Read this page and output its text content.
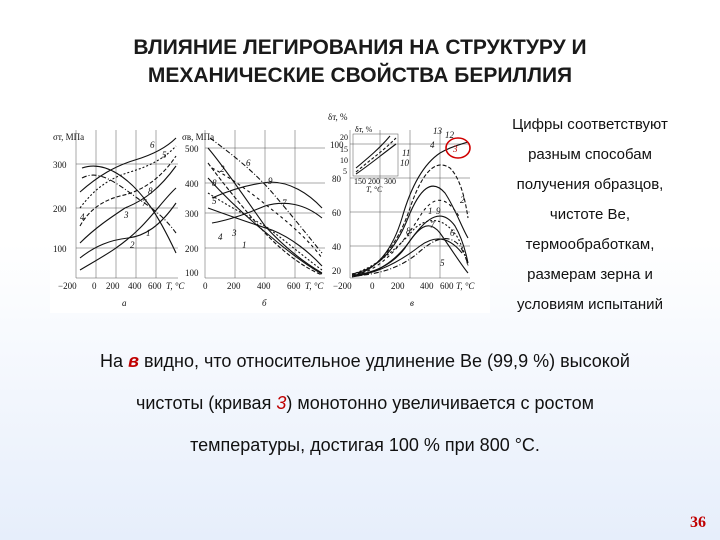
ВЛИЯНИЕ ЛЕГИРОВАНИЯ НА СТРУКТУРУ И
МЕХАНИЧЕСКИЕ СВОЙСТВА БЕРИЛЛИЯ
σт, МПа
300
200
100
−200 0 200 400 600 T, °C
а
σв, МПа
500
400
300
200
100
0 200 400 600 T, °C
б
δт, %
100
80
60
40
20
−200 0 200 400 600 T, °C
в
δт, %
20
15
10
5
150 200 300
T, °C
1
2
3
4
5
6
7
8
1
2
3
4
5
6
7
8	9
1
2
3
4
5
6
7
8
9
10
11
12
13	Цифры соответствуют
разным способам
получения образцов,
чистоте Be,
термообработкам,
размерам зерна и
условиям испытаний
На в видно, что относительное удлинение Ве (99,9 %) высокой
чистоты (кривая 3) монотонно увеличивается с ростом
температуры, достигая 100 % при 800 °С.
36
